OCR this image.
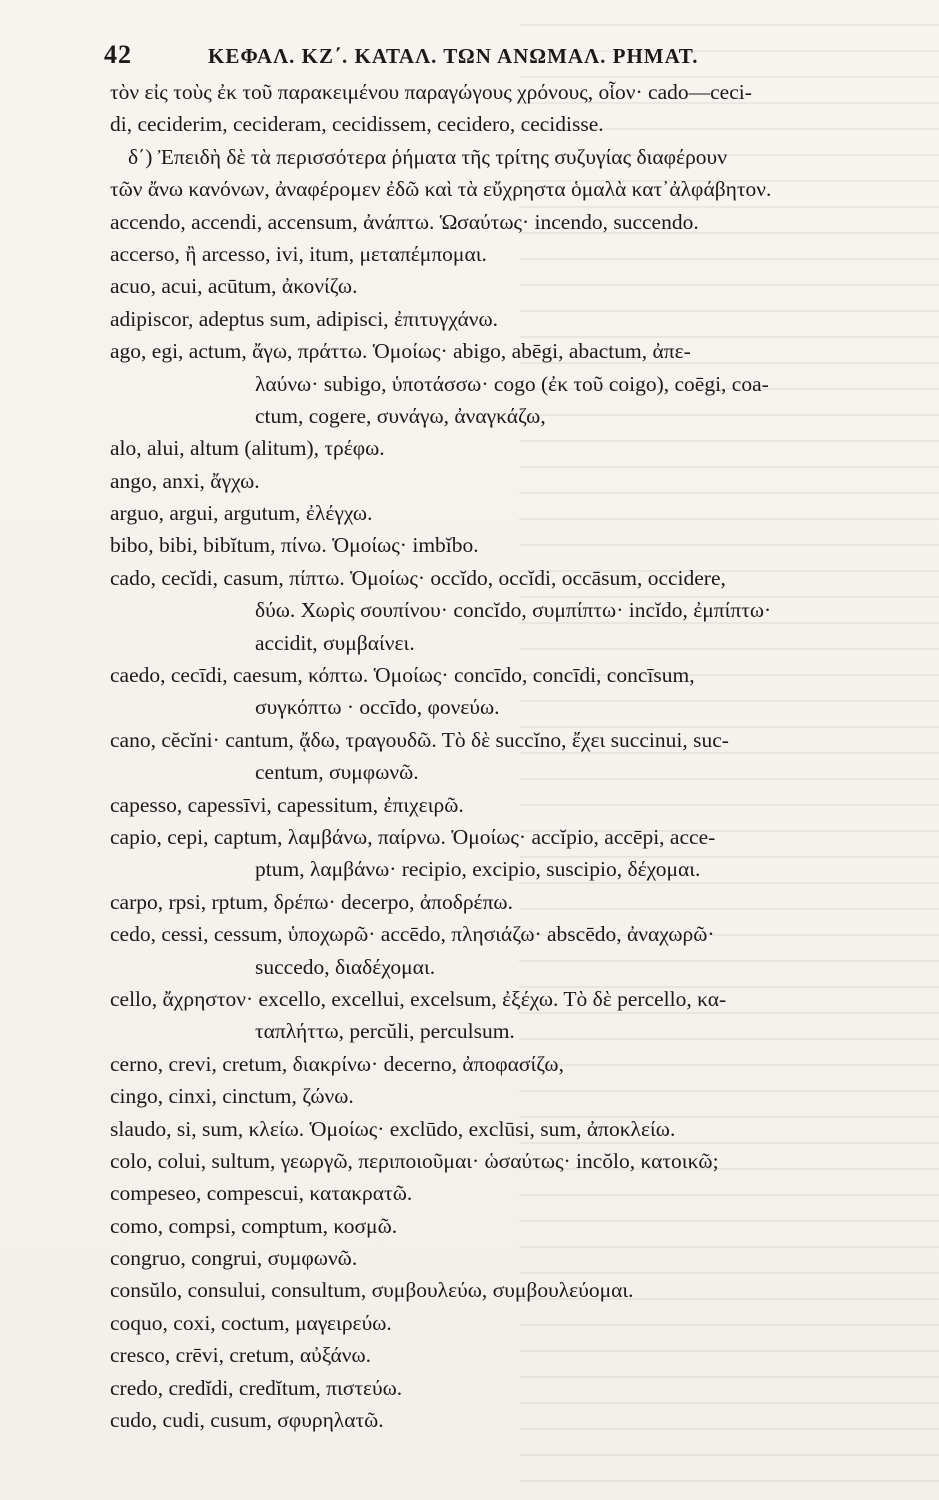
42	ΚΕΦΑΛ. ΚΖ΄. ΚΑΤΑΛ. ΤΩΝ ΑΝΩΜΑΛ. ΡΗΜΑΤ.
τὸν εἰς τοὺς ἐκ τοῦ παρακειμένου παραγώγους χρόνους, οἷον· cado—ceci-
di, ceciderim, cecideram, cecidissem, cecidero, cecidisse.
δ΄) Ἐπειδὴ δὲ τὰ περισσότερα ῥήματα τῆς τρίτης συζυγίας διαφέρουν
τῶν ἄνω κανόνων, ἀναφέρομεν ἐδῶ καὶ τὰ εὔχρηστα ὁμαλὰ κατ᾽ἀλφάβητον.
accendo, accendi, accensum, ἀνάπτω. Ὡσαύτως· incendo, succendo.
accerso, ἢ arcesso, ivi, itum, μεταπέμπομαι.
acuo, acui, acūtum, ἀκονίζω.
adipiscor, adeptus sum, adipisci, ἐπιτυγχάνω.
ago, egi, actum, ἄγω, πράττω. Ὁμοίως· abigo, abēgi, abactum, ἀπε-
λαύνω· subigo, ὑποτάσσω· cogo (ἐκ τοῦ coigo), coēgi, coa-
ctum, cogere, συνάγω, ἀναγκάζω,
alo, alui, altum (alitum), τρέφω.
ango, anxi, ἄγχω.
arguo, argui, argutum, ἐλέγχω.
bibo, bibi, bibĭtum, πίνω. Ὁμοίως· imbĭbo.
cado, cecĭdi, casum, πίπτω. Ὁμοίως· occĭdo, occĭdi, occāsum, occidere,
δύω. Χωρὶς σουπίνου· concĭdo, συμπίπτω· incĭdo, ἐμπίπτω·
accidit, συμβαίνει.
caedo, cecīdi, caesum, κόπτω. Ὁμοίως· concīdo, concīdi, concīsum,
συγκόπτω · occīdo, φονεύω.
cano, cĕcĭni· cantum, ᾄδω, τραγουδῶ. Τὸ δὲ succĭno, ἔχει succinui, suc-
centum, συμφωνῶ.
capesso, capessīvi, capessitum, ἐπιχειρῶ.
capio, cepi, captum, λαμβάνω, παίρνω. Ὁμοίως· accĭpio, accēpi, acce-
ptum, λαμβάνω· recipio, excipio, suscipio, δέχομαι.
carpo, rpsi, rptum, δρέπω· decerpo, ἀποδρέπω.
cedo, cessi, cessum, ὑποχωρῶ· accēdo, πλησιάζω· abscēdo, ἀναχωρῶ·
succedo, διαδέχομαι.
cello, ἄχρηστον· excello, excellui, excelsum, ἐξέχω. Τὸ δὲ percello, κα-
ταπλήττω, percŭli, perculsum.
cerno, crevi, cretum, διακρίνω· decerno, ἀποφασίζω,
cingo, cinxi, cinctum, ζώνω.
slaudo, si, sum, κλείω. Ὁμοίως· exclūdo, exclūsi, sum, ἀποκλείω.
colo, colui, sultum, γεωργῶ, περιποιοῦμαι· ὡσαύτως· incŏlo, κατοικῶ;
compeseo, compescui, κατακρατῶ.
como, compsi, comptum, κοσμῶ.
congruo, congrui, συμφωνῶ.
consŭlo, consului, consultum, συμβουλεύω, συμβουλεύομαι.
coquo, coxi, coctum, μαγειρεύω.
cresco, crēvi, cretum, αὐξάνω.
credo, credĭdi, credĭtum, πιστεύω.
cudo, cudi, cusum, σφυρηλατῶ.
